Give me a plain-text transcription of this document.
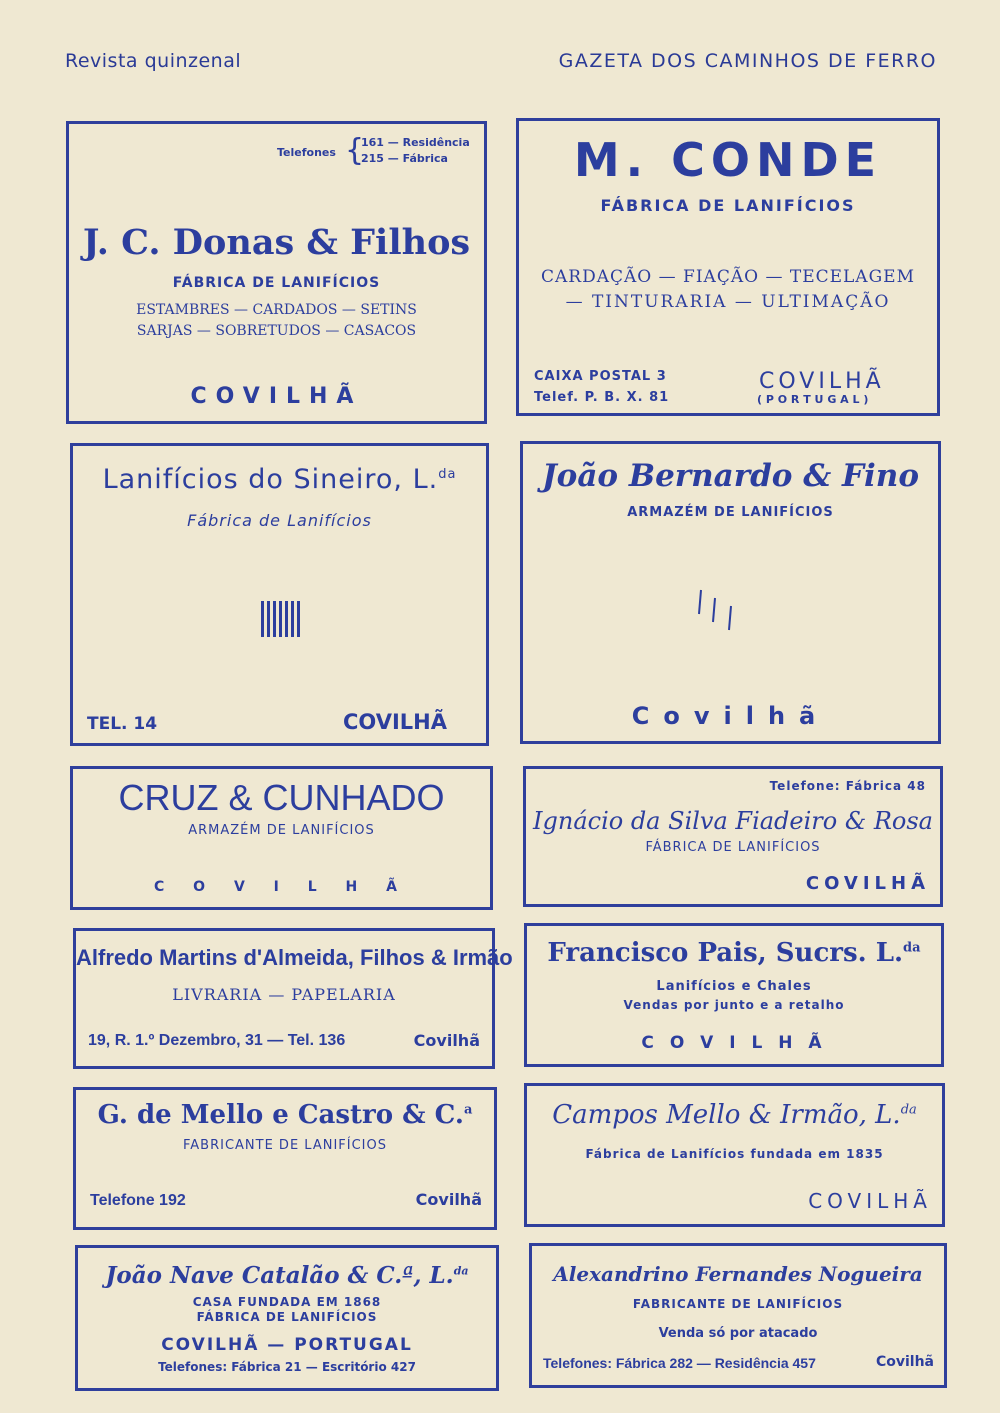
Revista quinzenal	GAZETA DOS CAMINHOS DE FERRO
Telefones {
161 — Residência
215 — Fábrica
J. C. Donas & Filhos
FÁBRICA DE LANIFÍCIOS
ESTAMBRES — CARDADOS — SETINS
SARJAS — SOBRETUDOS — CASACOS
COVILHÃ
M. CONDE
FÁBRICA DE LANIFÍCIOS
CARDAÇÃO — FIAÇÃO — TECELAGEM
— TINTURARIA — ULTIMAÇÃO
CAIXA POSTAL 3
Telef. P. B. X. 81
COVILHÃ
( P O R T U G A L )
Lanifícios do Sineiro, L.$^{da}$
Fábrica de Lanifícios
TEL. 14	COVILHÃ
João Bernardo & Fino
ARMAZÉM DE LANIFÍCIOS
Covilhã
CRUZ & CUNHADO
ARMAZÉM DE LANIFÍCIOS
C O V I L H Ã
Telefone: Fábrica 48
Ignácio da Silva Fiadeiro & Rosa
FÁBRICA DE LANIFÍCIOS
COVILHÃ
Alfredo Martins d'Almeida, Filhos & Irmão
LIVRARIA — PAPELARIA
19, R. 1.º Dezembro, 31 — Tel. 136	Covilhã
Francisco Pais, Sucrs. L.$^{da}$
Lanifícios e Chales
Vendas por junto e a retalho
C O V I L H Ã
G. de Mello e Castro & C.$^a$
FABRICANTE DE LANIFÍCIOS
Telefone 192	Covilhã
Campos Mello & Irmão, L.$^{da}$
Fábrica de Lanifícios fundada em 1835
COVILHÃ
João Nave Catalão & C.ª, L.$^{da}$
CASA FUNDADA EM 1868
FÁBRICA DE LANIFÍCIOS
COVILHÃ — PORTUGAL
Telefones: Fábrica 21 — Escritório 427
Alexandrino Fernandes Nogueira
FABRICANTE DE LANIFÍCIOS
Venda só por atacado
Telefones: Fábrica 282 — Residência 457	Covilhã
